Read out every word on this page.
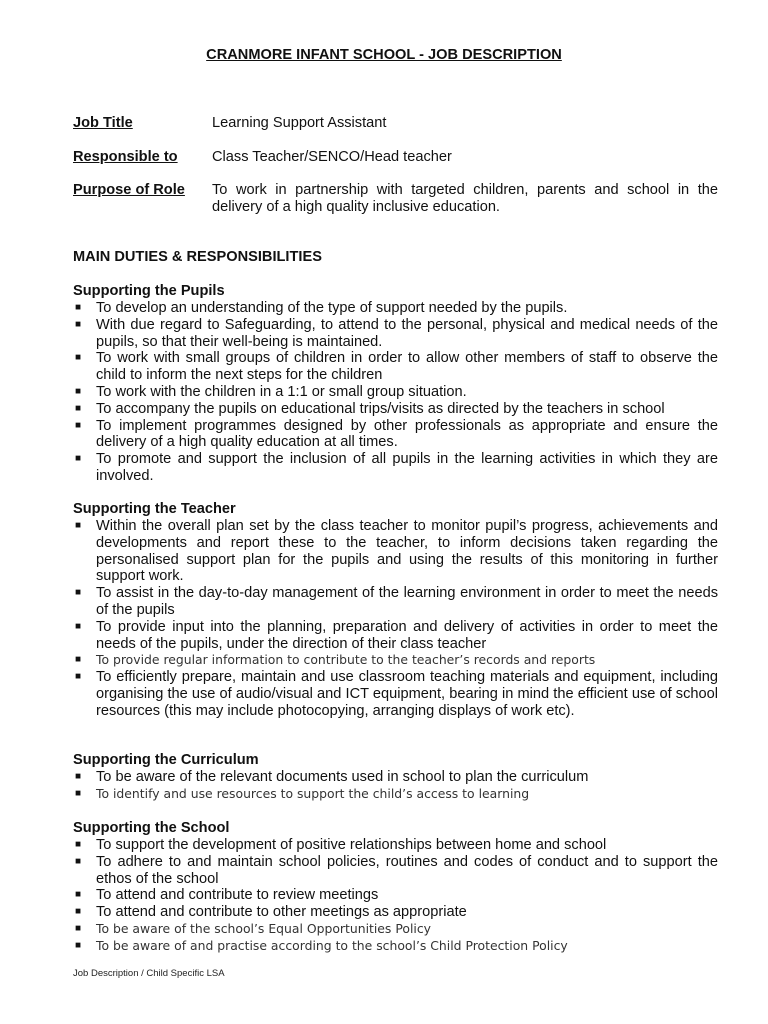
CRANMORE INFANT SCHOOL - JOB DESCRIPTION
Job Title	Learning Support Assistant
Responsible to Class Teacher/SENCO/Head teacher
Purpose of Role To work in partnership with targeted children, parents and school in the delivery of a high quality inclusive education.
MAIN DUTIES & RESPONSIBILITIES
Supporting the Pupils
■ To develop an understanding of the type of support needed by the pupils.
■ With due regard to Safeguarding, to attend to the personal, physical and medical needs of the pupils, so that their well-being is maintained.
■ To work with small groups of children in order to allow other members of staff to observe the child to inform the next steps for the children
■ To work with the children in a 1:1 or small group situation.
■ To accompany the pupils on educational trips/visits as directed by the teachers in school
■ To implement programmes designed by other professionals as appropriate and ensure the delivery of a high quality education at all times.
■ To promote and support the inclusion of all pupils in the learning activities in which they are involved.
Supporting the Teacher
■ Within the overall plan set by the class teacher to monitor pupil’s progress, achievements and developments and report these to the teacher, to inform decisions taken regarding the personalised support plan for the pupils and using the results of this monitoring in further support work.
■ To assist in the day-to-day management of the learning environment in order to meet the needs of the pupils
■ To provide input into the planning, preparation and delivery of activities in order to meet the needs of the pupils, under the direction of their class teacher
■ To provide regular information to contribute to the teacher’s records and reports
■ To efficiently prepare, maintain and use classroom teaching materials and equipment, including organising the use of audio/visual and ICT equipment, bearing in mind the efficient use of school resources (this may include photocopying, arranging displays of work etc).
Supporting the Curriculum
■ To be aware of the relevant documents used in school to plan the curriculum
■ To identify and use resources to support the child’s access to learning
Supporting the School
■ To support the development of positive relationships between home and school
■ To adhere to and maintain school policies, routines and codes of conduct and to support the ethos of the school
■ To attend and contribute to review meetings
■ To attend and contribute to other meetings as appropriate
■ To be aware of the school’s Equal Opportunities Policy
■ To be aware of and practise according to the school’s Child Protection Policy
Job Description / Child Specific LSA
